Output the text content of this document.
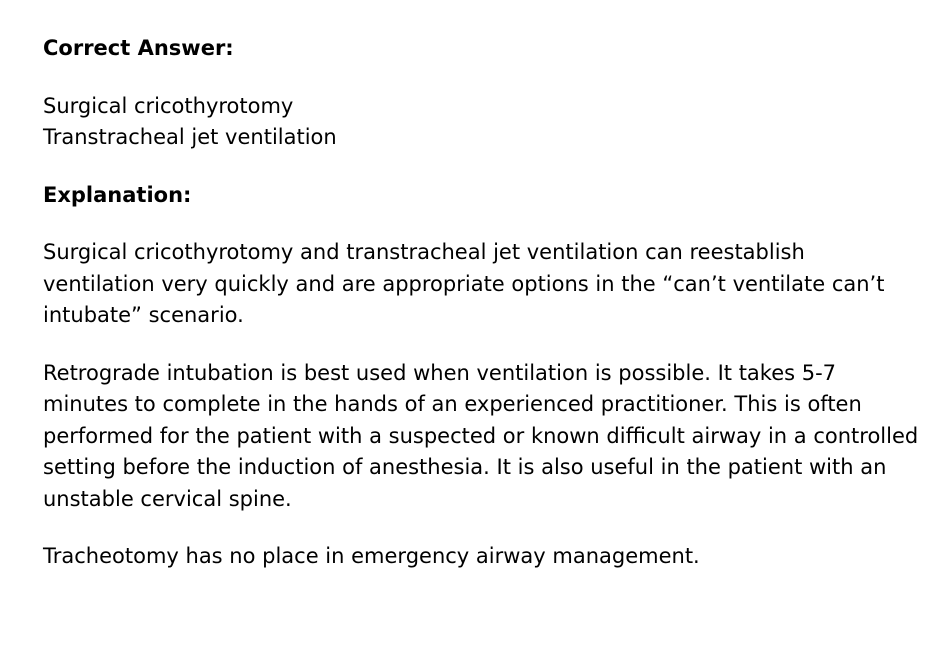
Correct Answer:

Surgical cricothyrotomy
Transtracheal jet ventilation

Explanation:

Surgical cricothyrotomy and transtracheal jet ventilation can reestablish ventilation very quickly and are appropriate options in the “can’t ventilate can’t intubate” scenario.

Retrograde intubation is best used when ventilation is possible. It takes 5-7 minutes to complete in the hands of an experienced practitioner. This is often performed for the patient with a suspected or known difficult airway in a controlled setting before the induction of anesthesia. It is also useful in the patient with an unstable cervical spine.

Tracheotomy has no place in emergency airway management.
